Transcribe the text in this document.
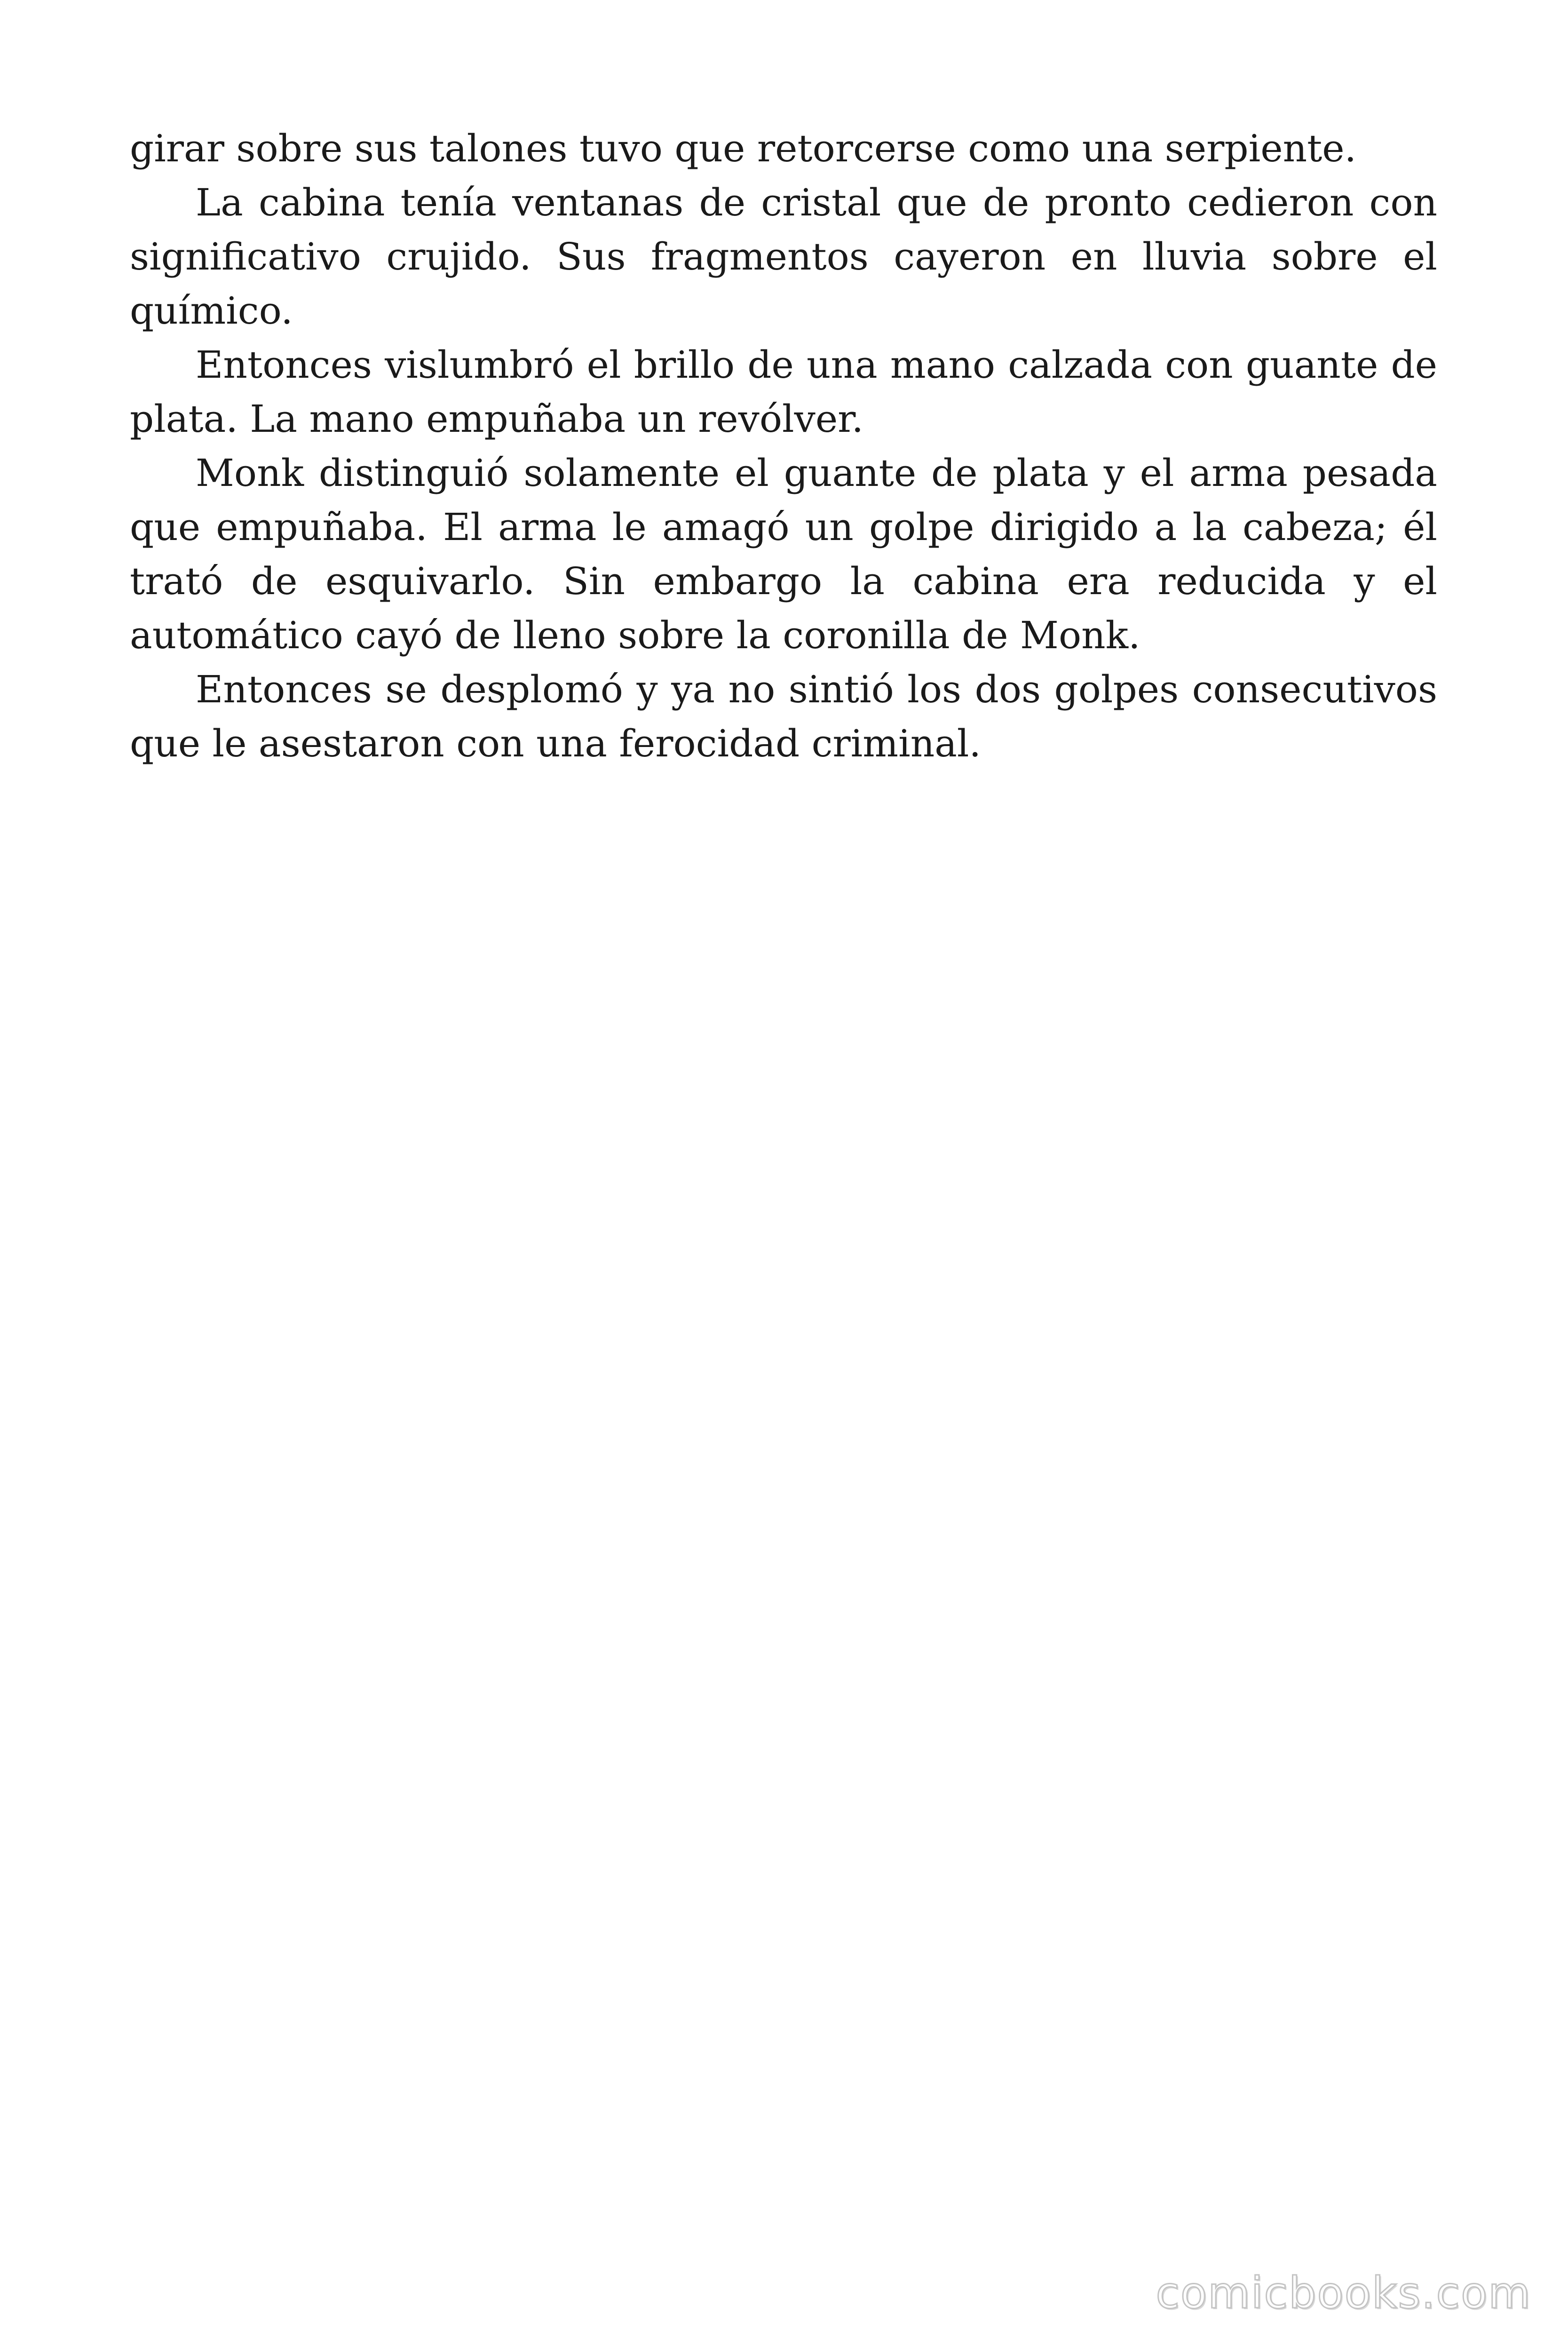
girar sobre sus talones tuvo que retorcerse como una serpiente.

La cabina tenía ventanas de cristal que de pronto cedieron con significativo crujido. Sus fragmentos cayeron en lluvia sobre el químico.

Entonces vislumbró el brillo de una mano calzada con guante de plata. La mano empuñaba un revólver.

Monk distinguió solamente el guante de plata y el arma pesada que empuñaba. El arma le amagó un golpe dirigido a la cabeza; él trató de esquivarlo. Sin embargo la cabina era reducida y el automático cayó de lleno sobre la coronilla de Monk.

Entonces se desplomó y ya no sintió los dos golpes consecutivos que le asestaron con una ferocidad criminal.

comicbooks.com
